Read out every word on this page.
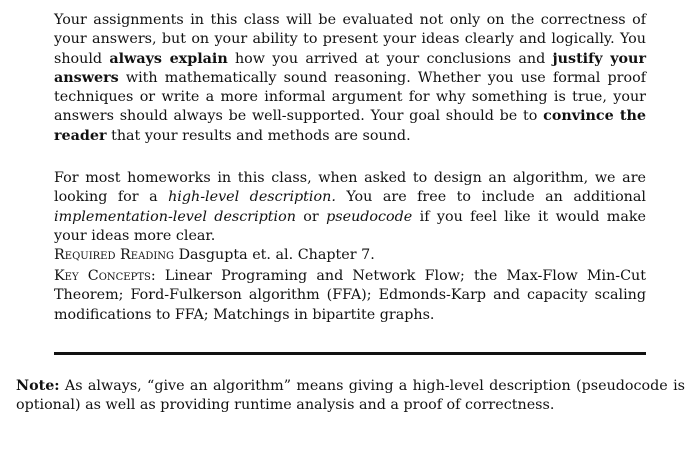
Your assignments in this class will be evaluated not only on the correctness of your answers, but on your ability to present your ideas clearly and logically. You should always explain how you arrived at your conclusions and justify your answers with mathematically sound reasoning. Whether you use formal proof techniques or write a more informal argument for why something is true, your answers should always be well-supported. Your goal should be to convince the reader that your results and methods are sound.
For most homeworks in this class, when asked to design an algorithm, we are looking for a high-level description. You are free to include an additional implementation-level description or pseudocode if you feel like it would make your ideas more clear.
Required Reading Dasgupta et. al. Chapter 7.
Key Concepts: Linear Programing and Network Flow; the Max-Flow Min-Cut Theorem; Ford-Fulkerson algorithm (FFA); Edmonds-Karp and capacity scaling modifications to FFA; Matchings in bipartite graphs.
Note: As always, “give an algorithm” means giving a high-level description (pseudocode is optional) as well as providing runtime analysis and a proof of correctness.
